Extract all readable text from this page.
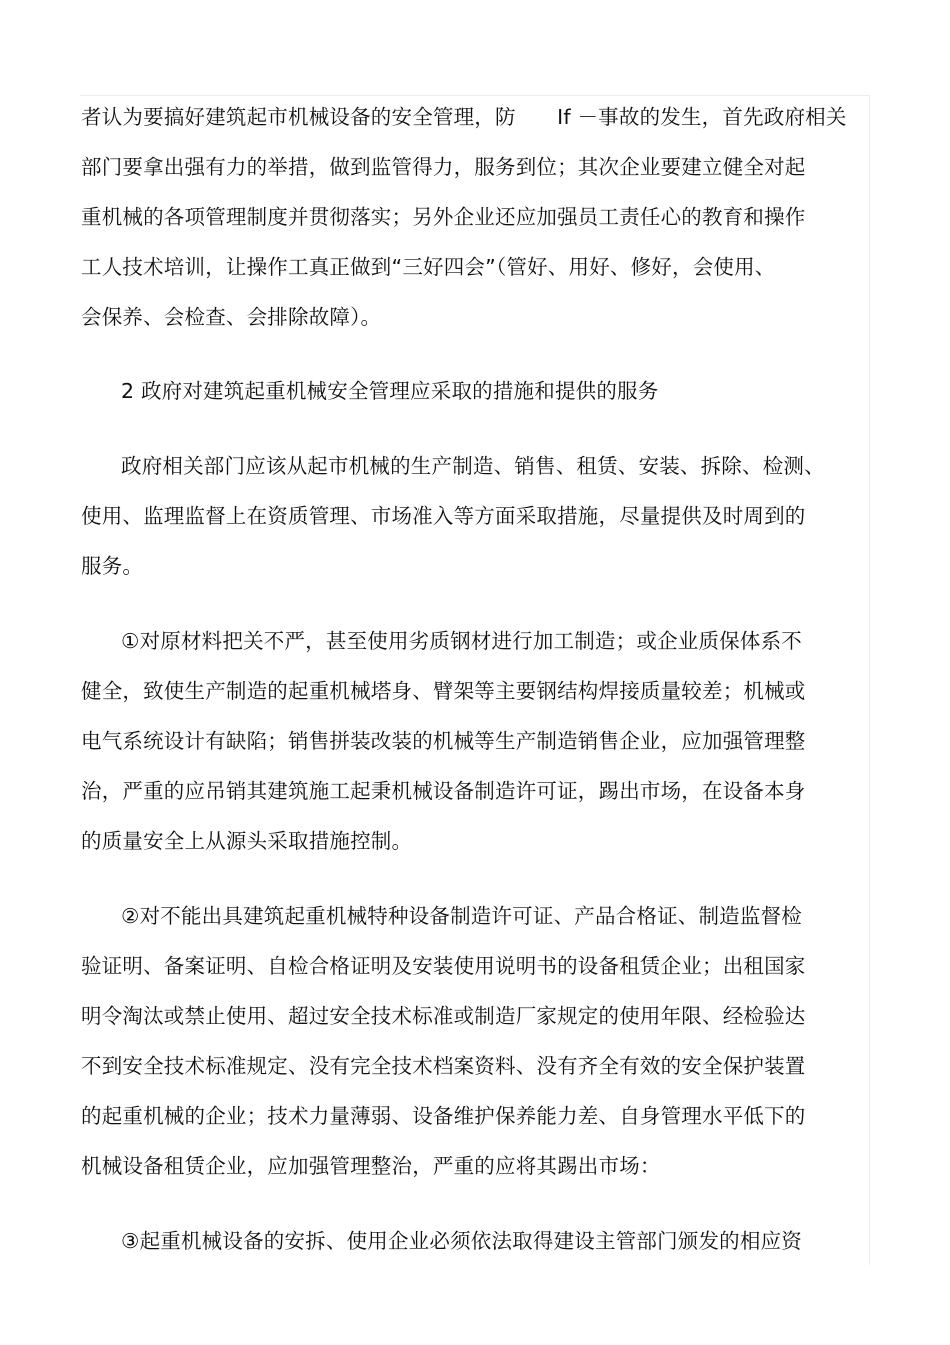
者认为要搞好建筑起市机械设备的安全管理，防　　If －事故的发生，首先政府相关
部门要拿出强有力的举措，做到监管得力，服务到位；其次企业要建立健全对起
重机械的各项管理制度并贯彻落实；另外企业还应加强员工责任心的教育和操作
工人技术培训，让操作工真正做到“三好四会”（管好、用好、修好，会使用、
会保养、会检查、会排除故障）。
2 政府对建筑起重机械安全管理应采取的措施和提供的服务
政府相关部门应该从起市机械的生产制造、销售、租赁、安装、拆除、检测、
使用、监理监督上在资质管理、市场准入等方面采取措施，尽量提供及时周到的
服务。
①对原材料把关不严，甚至使用劣质钢材进行加工制造；或企业质保体系不
健全，致使生产制造的起重机械塔身、臂架等主要钢结构焊接质量较差；机械或
电气系统设计有缺陷；销售拼装改装的机械等生产制造销售企业，应加强管理整
治，严重的应吊销其建筑施工起秉机械设备制造许可证，踢出市场，在设备本身
的质量安全上从源头采取措施控制。
②对不能出具建筑起重机械特种设备制造许可证、产品合格证、制造监督检
验证明、备案证明、自检合格证明及安装使用说明书的设备租赁企业；出租国家
明令淘汰或禁止使用、超过安全技术标准或制造厂家规定的使用年限、经检验达
不到安全技术标准规定、没有完全技术档案资料、没有齐全有效的安全保护装置
的起重机械的企业；技术力量薄弱、设备维护保养能力差、自身管理水平低下的
机械设备租赁企业，应加强管理整治，严重的应将其踢出市场：
③起重机械设备的安拆、使用企业必须依法取得建设主管部门颁发的相应资
